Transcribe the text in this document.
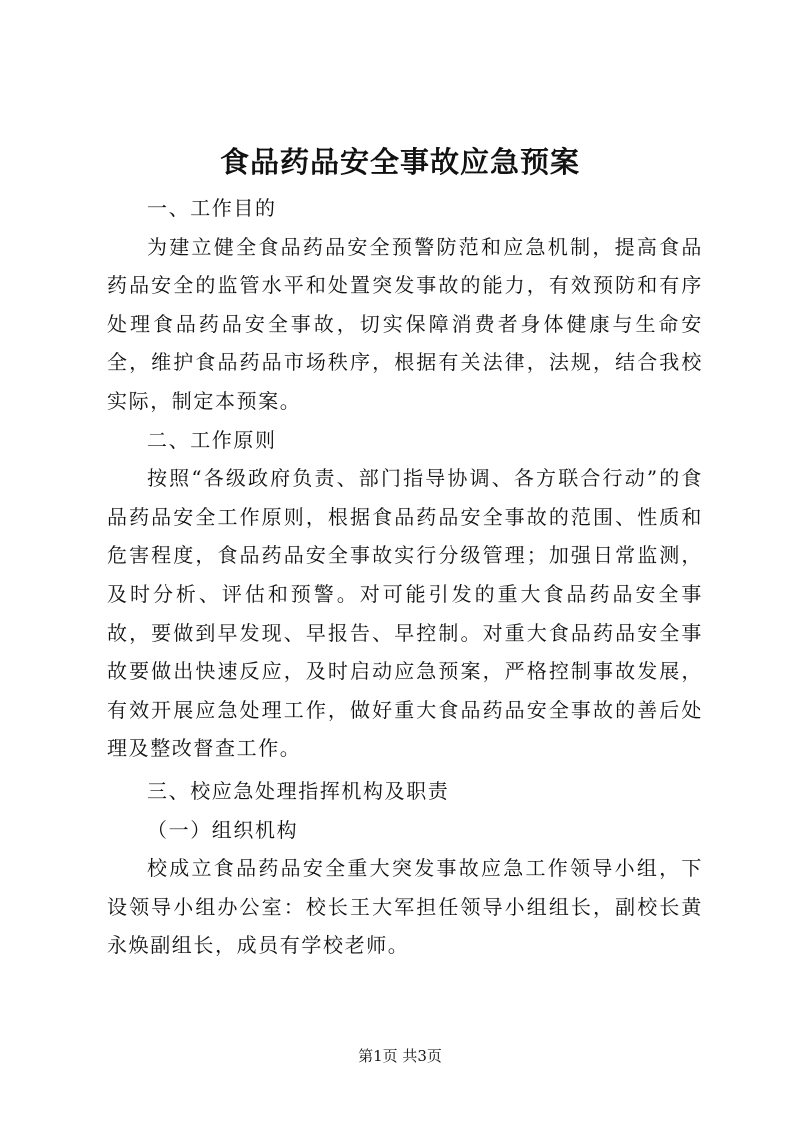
食品药品安全事故应急预案

一、工作目的

为建立健全食品药品安全预警防范和应急机制，提高食品药品安全的监管水平和处置突发事故的能力，有效预防和有序处理食品药品安全事故，切实保障消费者身体健康与生命安全，维护食品药品市场秩序，根据有关法律，法规，结合我校实际，制定本预案。

二、工作原则

按照“各级政府负责、部门指导协调、各方联合行动”的食品药品安全工作原则，根据食品药品安全事故的范围、性质和危害程度，食品药品安全事故实行分级管理；加强日常监测，及时分析、评估和预警。对可能引发的重大食品药品安全事故，要做到早发现、早报告、早控制。对重大食品药品安全事故要做出快速反应，及时启动应急预案，严格控制事故发展，有效开展应急处理工作，做好重大食品药品安全事故的善后处理及整改督查工作。

三、校应急处理指挥机构及职责

（一）组织机构

校成立食品药品安全重大突发事故应急工作领导小组，下设领导小组办公室：校长王大军担任领导小组组长，副校长黄永焕副组长，成员有学校老师。

第1页 共3页
